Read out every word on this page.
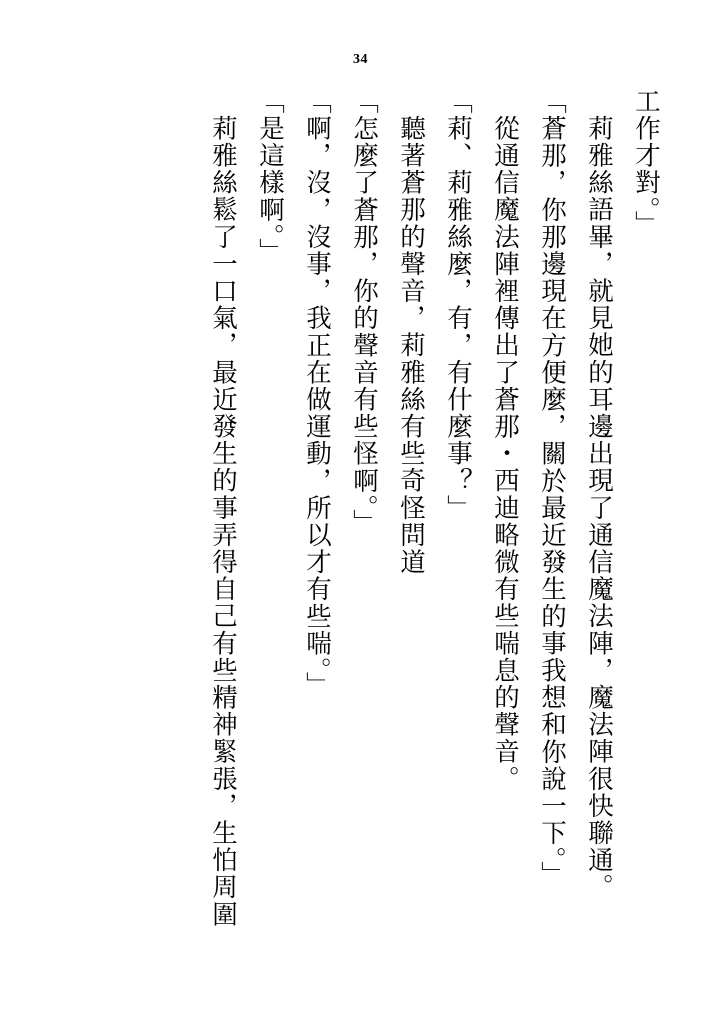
34

工作才對。」

莉雅絲語畢，就見她的耳邊出現了通信魔法陣，魔法陣很快聯通。

「蒼那，你那邊現在方便麼，關於最近發生的事我想和你說一下。」

從通信魔法陣裡傳出了蒼那・西迪略微有些喘息的聲音。

「莉、莉雅絲麼，有，有什麼事？」

聽著蒼那的聲音，莉雅絲有些奇怪問道

「怎麼了蒼那，你的聲音有些怪啊。」

「啊，沒，沒事，我正在做運動，所以才有些喘。」

「是這樣啊。」

莉雅絲鬆了一口氣，最近發生的事弄得自己有些精神緊張，生怕周圍
